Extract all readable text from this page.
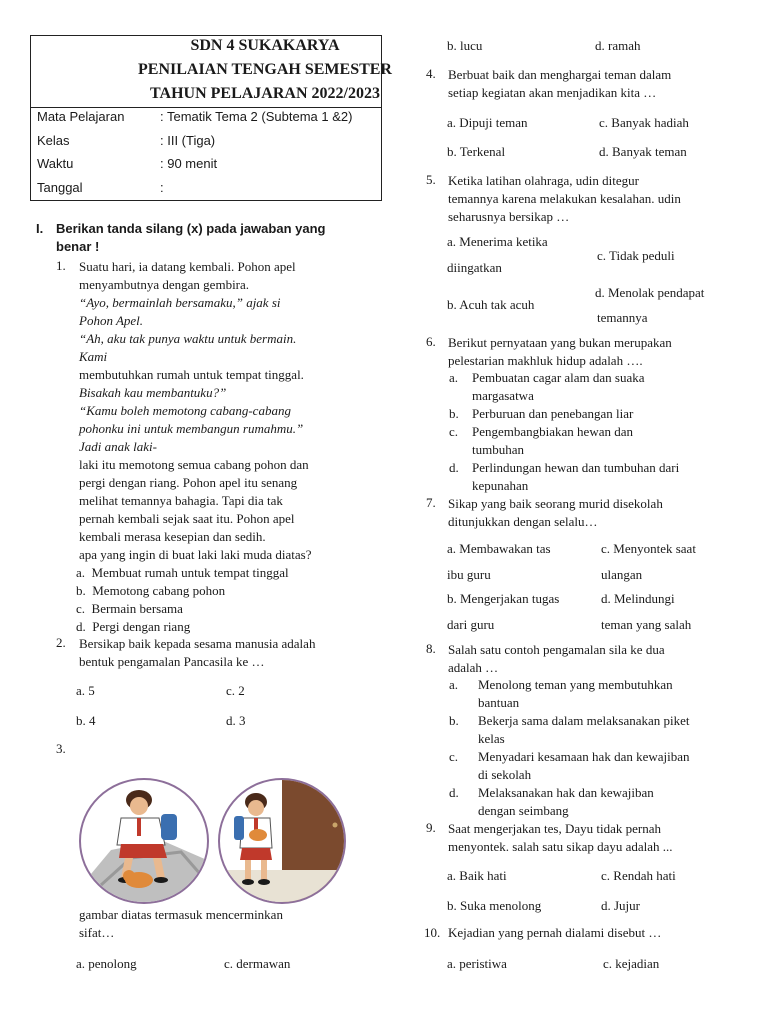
SDN 4 SUKAKARYA
PENILAIAN TENGAH SEMESTER
TAHUN PELAJARAN 2022/2023
Mata Pelajaran	: Tematik Tema 2 (Subtema 1 &2)
Kelas	: III (Tiga)
Waktu	: 90 menit
Tanggal	:
I. Berikan tanda silang (x) pada jawaban yang
benar !
1. Suatu hari, ia datang kembali. Pohon apel
menyambutnya dengan gembira.
“Ayo, bermainlah bersamaku,” ajak si
Pohon Apel.
“Ah, aku tak punya waktu untuk bermain.
Kami
membutuhkan rumah untuk tempat tinggal.
Bisakah kau membantuku?”
“Kamu boleh memotong cabang-cabang
pohonku ini untuk membangun rumahmu.”
Jadi anak laki-
laki itu memotong semua cabang pohon dan
pergi dengan riang. Pohon apel itu senang
melihat temannya bahagia. Tapi dia tak
pernah kembali sejak saat itu. Pohon apel
kembali merasa kesepian dan sedih.
apa yang ingin di buat laki laki muda diatas?
a. Membuat rumah untuk tempat tinggal
b. Memotong cabang pohon
c. Bermain bersama
d. Pergi dengan riang
2. Bersikap baik kepada sesama manusia adalah
bentuk pengamalan Pancasila ke …
a. 5	c. 2
b. 4	d. 3
3.
gambar diatas termasuk mencerminkan
sifat…
a. penolong	c. dermawan
b. lucu	d. ramah
4. Berbuat baik dan menghargai teman dalam
setiap kegiatan akan menjadikan kita …
a. Dipuji teman	c. Banyak hadiah
b. Terkenal	d. Banyak teman
5. Ketika latihan olahraga, udin ditegur
temannya karena melakukan kesalahan. udin
seharusnya bersikap …
a. Menerima ketika
diingatkan
c. Tidak peduli
b. Acuh tak acuh
d. Menolak pendapat
temannya
6. Berikut pernyataan yang bukan merupakan
pelestarian makhluk hidup adalah ….
a. Pembuatan cagar alam dan suaka
margasatwa
b. Perburuan dan penebangan liar
c. Pengembangbiakan hewan dan
tumbuhan
d. Perlindungan hewan dan tumbuhan dari
kepunahan
7. Sikap yang baik seorang murid disekolah
ditunjukkan dengan selalu…
a. Membawakan tas
ibu guru
c. Menyontek saat
ulangan
b. Mengerjakan tugas
dari guru
d. Melindungi
teman yang salah
8. Salah satu contoh pengamalan sila ke dua
adalah …
a. Menolong teman yang membutuhkan
bantuan
b. Bekerja sama dalam melaksanakan piket
kelas
c. Menyadari kesamaan hak dan kewajiban
di sekolah
d. Melaksanakan hak dan kewajiban
dengan seimbang
9. Saat mengerjakan tes, Dayu tidak pernah
menyontek. salah satu sikap dayu adalah ...
a. Baik hati	c. Rendah hati
b. Suka menolong	d. Jujur
10. Kejadian yang pernah dialami disebut …
a. peristiwa	c. kejadian
